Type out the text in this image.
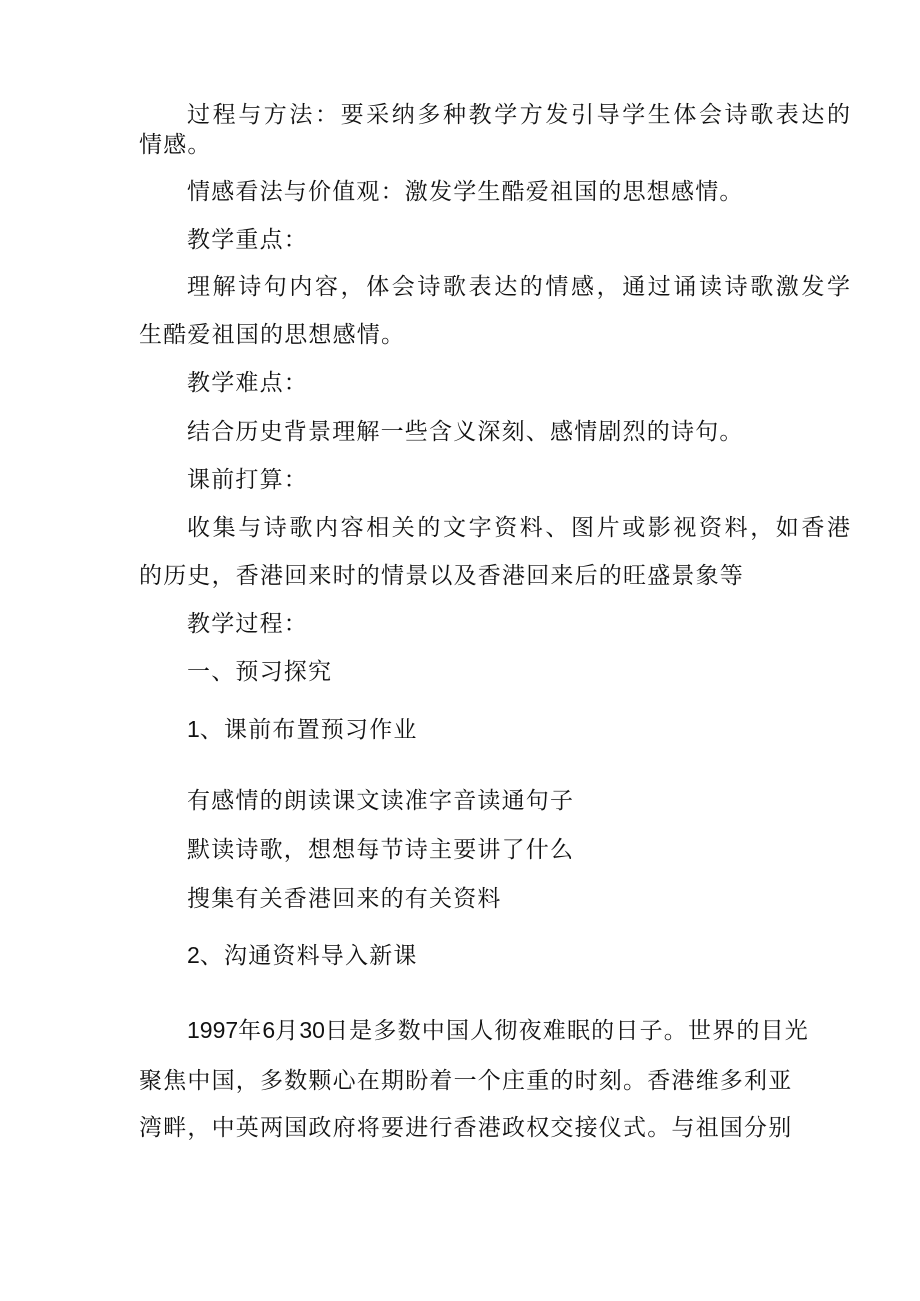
过程与方法：要采纳多种教学方发引导学生体会诗歌表达的
情感。
情感看法与价值观：激发学生酷爱祖国的思想感情。
教学重点：
理解诗句内容，体会诗歌表达的情感，通过诵读诗歌激发学
生酷爱祖国的思想感情。
教学难点：
结合历史背景理解一些含义深刻、感情剧烈的诗句。
课前打算：
收集与诗歌内容相关的文字资料、图片或影视资料，如香港
的历史，香港回来时的情景以及香港回来后的旺盛景象等
教学过程：
一、预习探究
1、课前布置预习作业
有感情的朗读课文读准字音读通句子
默读诗歌，想想每节诗主要讲了什么
搜集有关香港回来的有关资料
2、沟通资料导入新课
1997年6月30日是多数中国人彻夜难眠的日子。世界的目光
聚焦中国，多数颗心在期盼着一个庄重的时刻。香港维多利亚
湾畔，中英两国政府将要进行香港政权交接仪式。与祖国分别
